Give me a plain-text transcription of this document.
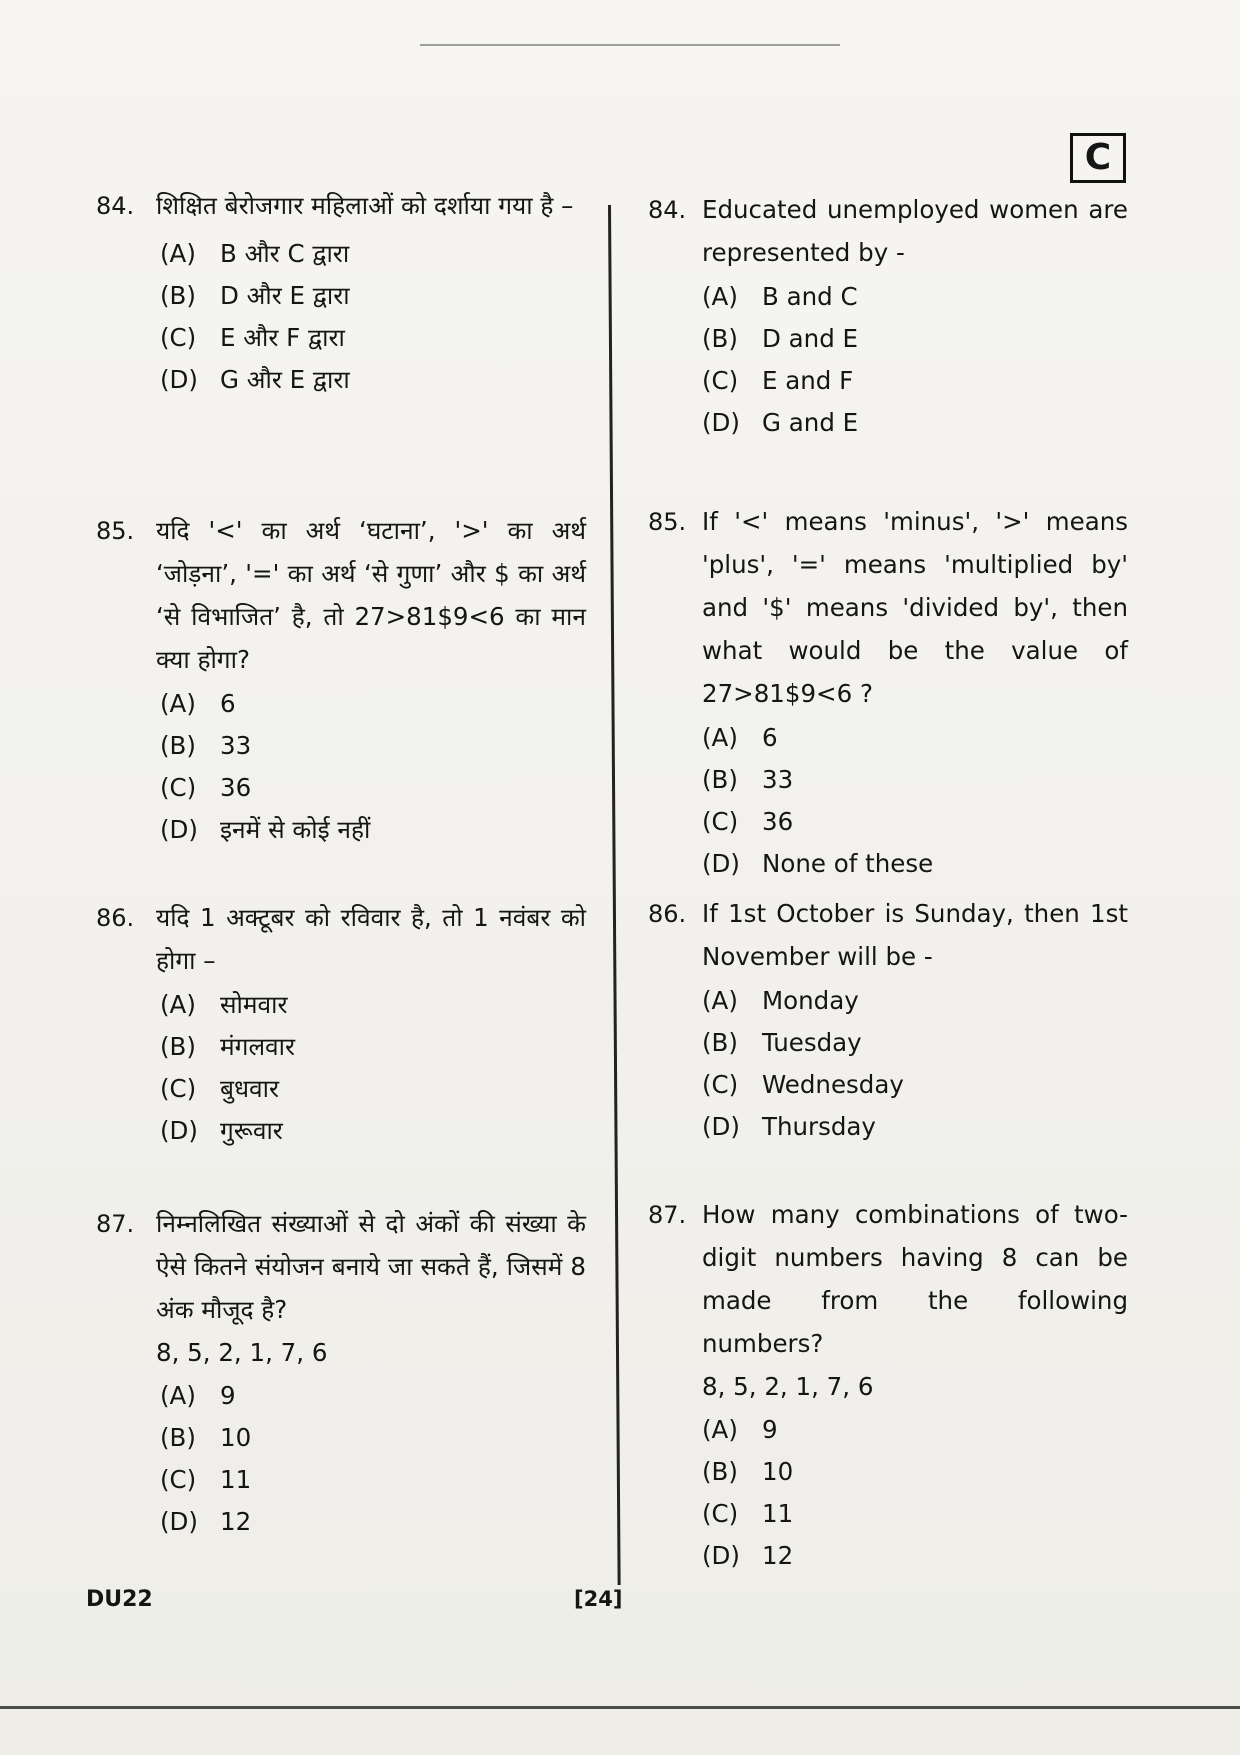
C
84. शिक्षित बेरोजगार महिलाओं को दर्शाया गया है –
(A) B और C द्वारा
(B) D और E द्वारा
(C) E और F द्वारा
(D) G और E द्वारा
85. यदि '<' का अर्थ ‘घटाना’, '>' का अर्थ ‘जोड़ना’, '=' का अर्थ ‘से गुणा’ और $ का अर्थ ‘से विभाजित’ है, तो 27>81$9<6 का मान क्या होगा?
(A) 6
(B) 33
(C) 36
(D) इनमें से कोई नहीं
86. यदि 1 अक्टूबर को रविवार है, तो 1 नवंबर को होगा –
(A) सोमवार
(B) मंगलवार
(C) बुधवार
(D) गुरूवार
87. निम्नलिखित संख्याओं से दो अंकों की संख्या के ऐसे कितने संयोजन बनाये जा सकते हैं, जिसमें 8 अंक मौजूद है?
8, 5, 2, 1, 7, 6
(A) 9
(B) 10
(C) 11
(D) 12
84. Educated unemployed women are represented by -
(A) B and C
(B) D and E
(C) E and F
(D) G and E
85. If '<' means 'minus', '>' means 'plus', '=' means 'multiplied by' and '$' means 'divided by', then what would be the value of 27>81$9<6 ?
(A) 6
(B) 33
(C) 36
(D) None of these
86. If 1st October is Sunday, then 1st November will be -
(A) Monday
(B) Tuesday
(C) Wednesday
(D) Thursday
87. How many combinations of two-digit numbers having 8 can be made from the following numbers?
8, 5, 2, 1, 7, 6
(A) 9
(B) 10
(C) 11
(D) 12
DU22	[24]
